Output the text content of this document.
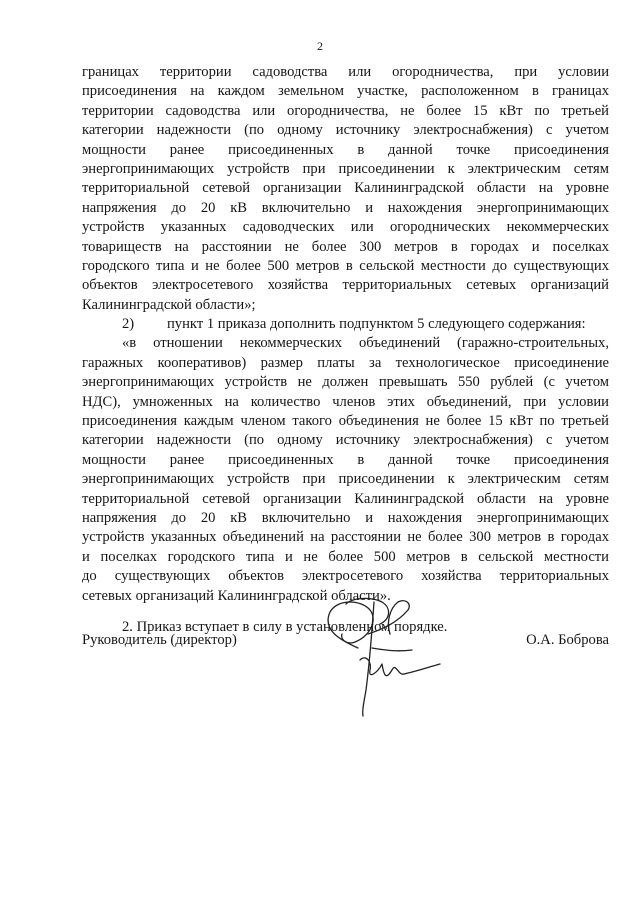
2
границах территории садоводства или огородничества, при условии
присоединения на каждом земельном участке, расположенном в границах
территории садоводства или огородничества, не более 15 кВт по третьей
категории надежности (по одному источнику электроснабжения) с учетом
мощности ранее присоединенных в данной точке присоединения
энергопринимающих устройств при присоединении к электрическим сетям
территориальной сетевой организации Калининградской области на уровне
напряжения до 20 кВ включительно и нахождения энергопринимающих
устройств указанных садоводческих или огороднических некоммерческих
товариществ на расстоянии не более 300 метров в городах и поселках
городского типа и не более 500 метров в сельской местности до существующих
объектов электросетевого хозяйства территориальных сетевых организаций
Калининградской области»;
2) пункт 1 приказа дополнить подпунктом 5 следующего содержания:
«в отношении некоммерческих объединений (гаражно-строительных,
гаражных кооперативов) размер платы за технологическое присоединение
энергопринимающих устройств не должен превышать 550 рублей (с учетом
НДС), умноженных на количество членов этих объединений, при условии
присоединения каждым членом такого объединения не более 15 кВт по третьей
категории надежности (по одному источнику электроснабжения) с учетом
мощности ранее присоединенных в данной точке присоединения
энергопринимающих устройств при присоединении к электрическим сетям
территориальной сетевой организации Калининградской области на уровне
напряжения до 20 кВ включительно и нахождения энергопринимающих
устройств указанных объединений на расстоянии не более 300 метров в городах
и поселках городского типа и не более 500 метров в сельской местности
до существующих объектов электросетевого хозяйства территориальных
сетевых организаций Калининградской области».
2. Приказ вступает в силу в установленном порядке.
Руководитель (директор)	О.А. Боброва
